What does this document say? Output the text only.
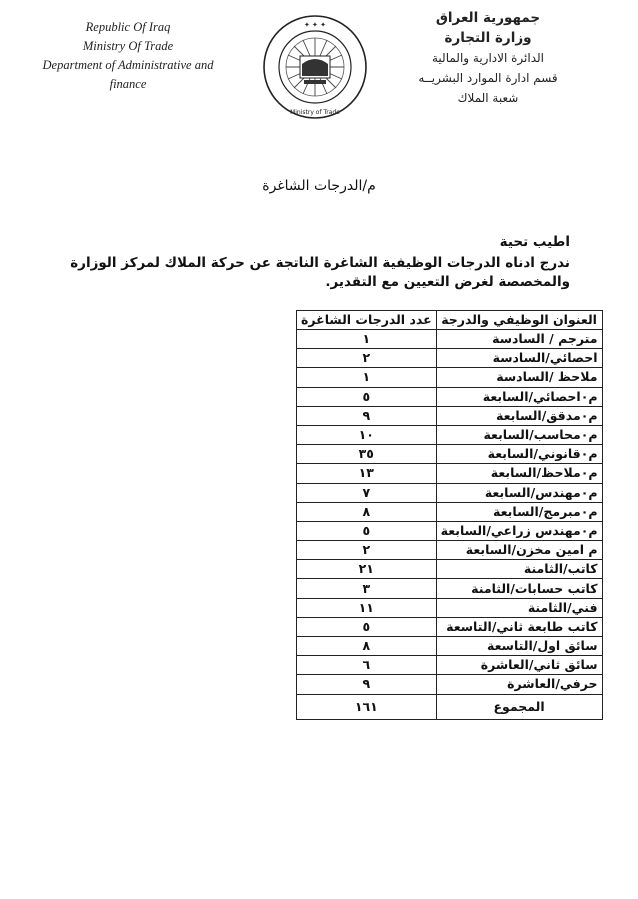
Republic Of Iraq
Ministry Of Trade
Department of Administrative and
finance
✦ ✦ ✦
Ministry of Trade
جمهورية العراق
وزارة التجارة
الدائرة الادارية والمالية
قسم ادارة الموارد البشريــه
شعبة الملاك
م/الدرجات الشاغرة
اطيب تحية
ندرج ادناه الدرجات الوظيفية الشاغرة الناتجة عن حركة الملاك لمركز الوزارة والمخصصة لغرض التعيين مع التقدير.
العنوان الوظيفي والدرجة	عدد الدرجات الشاغرة
مترجم / السادسة	١
احصائي/السادسة	٢
ملاحظ /السادسة	١
م٠احصائي/السابعة	٥
م٠مدقق/السابعة	٩
م٠محاسب/السابعة	١٠
م٠قانوني/السابعة	٣٥
م٠ملاحظ/السابعة	١٣
م٠مهندس/السابعة	٧
م٠مبرمج/السابعة	٨
م٠مهندس زراعي/السابعة	٥
م امين مخزن/السابعة	٢
كاتب/الثامنة	٢١
كاتب حسابات/الثامنة	٣
فني/الثامنة	١١
كاتب طابعة ثاني/التاسعة	٥
سائق اول/التاسعة	٨
سائق ثاني/العاشرة	٦
حرفي/العاشرة	٩
المجموع	١٦١
